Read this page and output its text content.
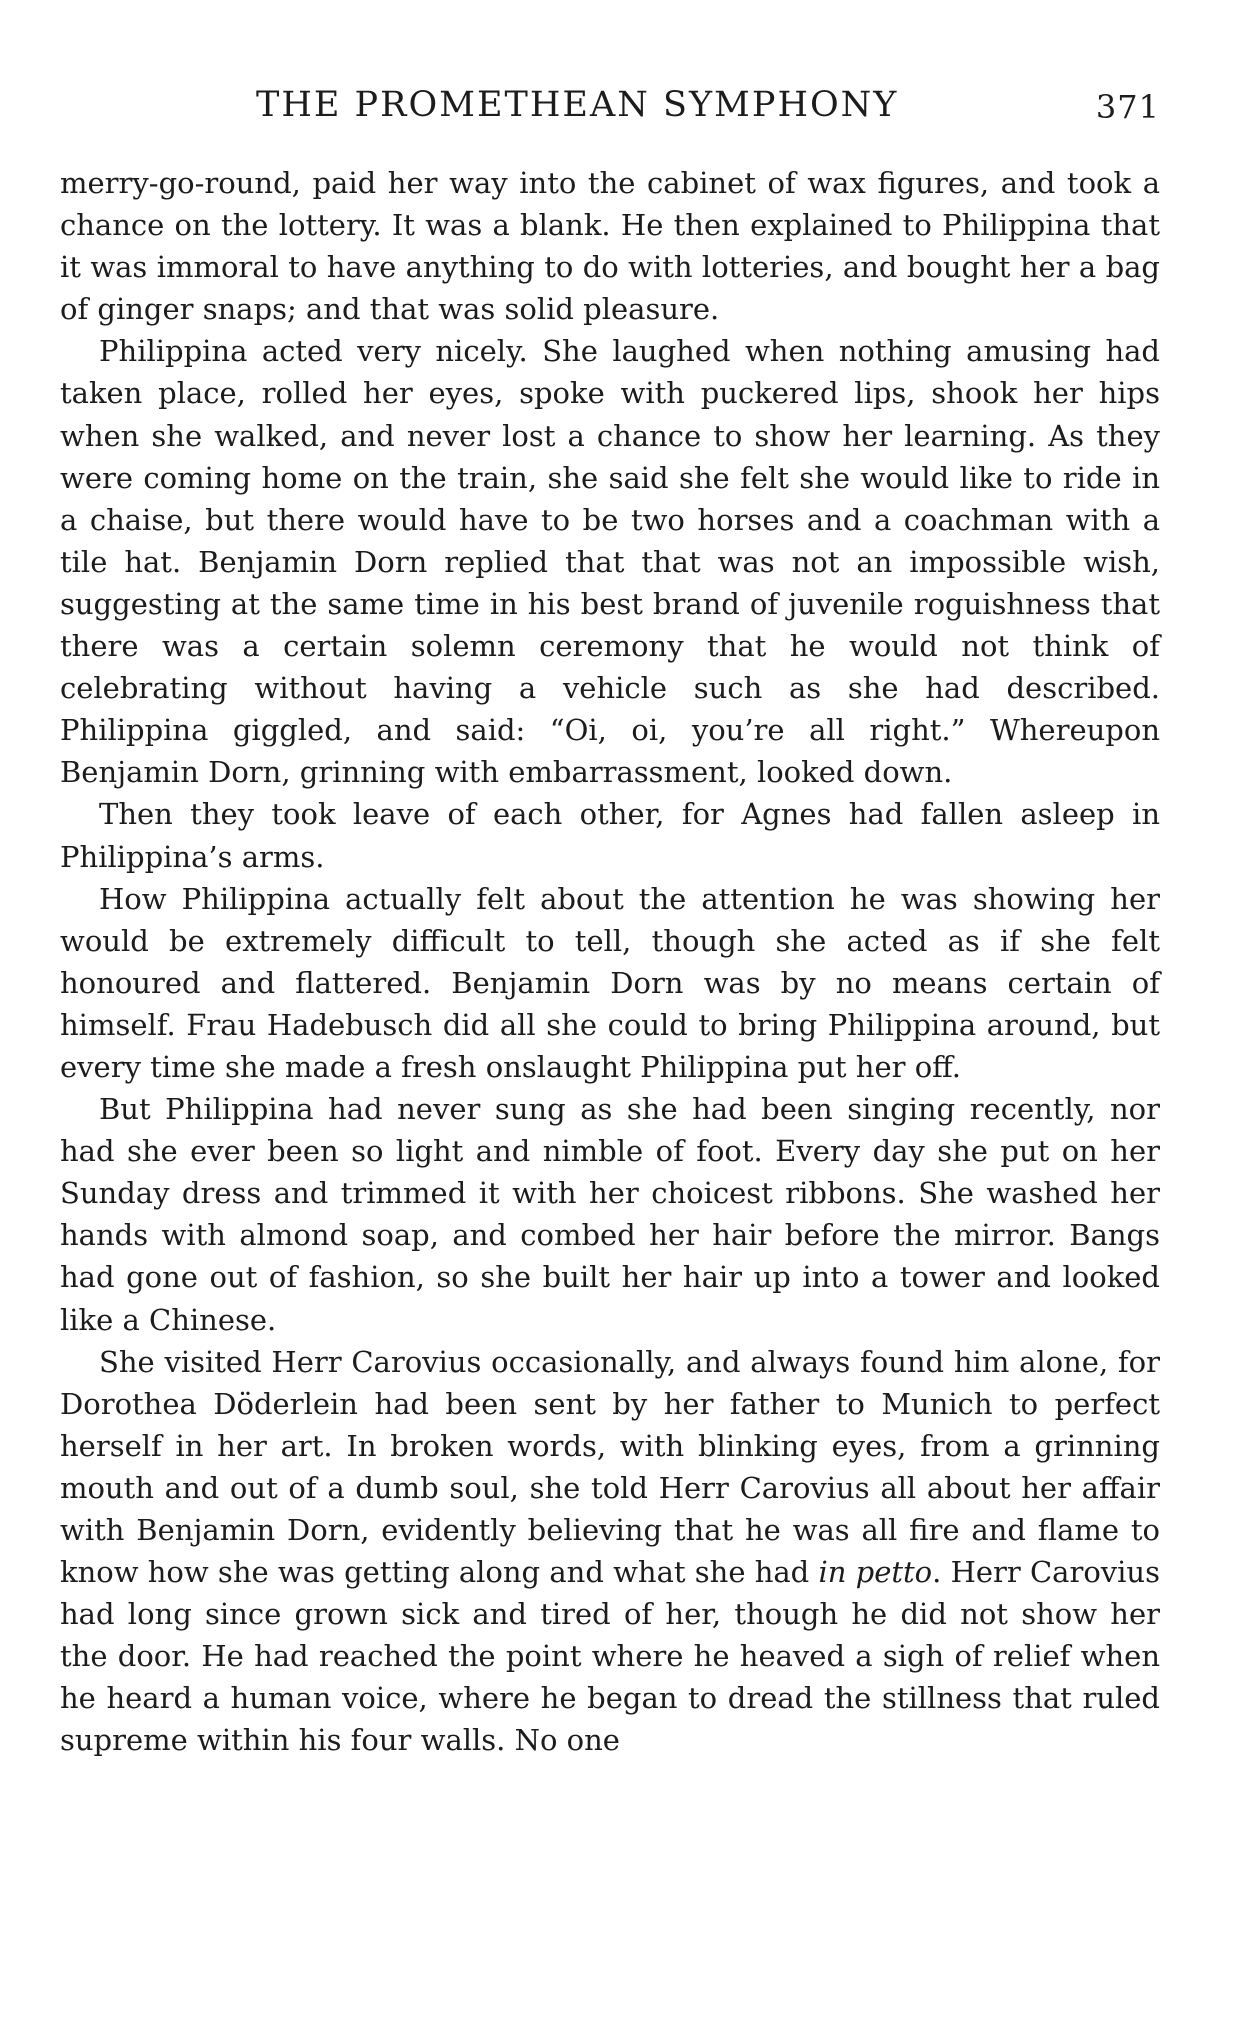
THE PROMETHEAN SYMPHONY	371

merry-go-round, paid her way into the cabinet of wax figures, and took a chance on the lottery. It was a blank. He then explained to Philippina that it was immoral to have anything to do with lotteries, and bought her a bag of ginger snaps; and that was solid pleasure.

Philippina acted very nicely. She laughed when nothing amusing had taken place, rolled her eyes, spoke with puckered lips, shook her hips when she walked, and never lost a chance to show her learning. As they were coming home on the train, she said she felt she would like to ride in a chaise, but there would have to be two horses and a coachman with a tile hat. Benjamin Dorn replied that that was not an impossible wish, suggesting at the same time in his best brand of juvenile roguishness that there was a certain solemn ceremony that he would not think of celebrating without having a vehicle such as she had described. Philippina giggled, and said: “Oi, oi, you’re all right.” Whereupon Benjamin Dorn, grinning with embarrassment, looked down.

Then they took leave of each other, for Agnes had fallen asleep in Philippina’s arms.

How Philippina actually felt about the attention he was showing her would be extremely difficult to tell, though she acted as if she felt honoured and flattered. Benjamin Dorn was by no means certain of himself. Frau Hadebusch did all she could to bring Philippina around, but every time she made a fresh onslaught Philippina put her off.

But Philippina had never sung as she had been singing recently, nor had she ever been so light and nimble of foot. Every day she put on her Sunday dress and trimmed it with her choicest ribbons. She washed her hands with almond soap, and combed her hair before the mirror. Bangs had gone out of fashion, so she built her hair up into a tower and looked like a Chinese.

She visited Herr Carovius occasionally, and always found him alone, for Dorothea Döderlein had been sent by her father to Munich to perfect herself in her art. In broken words, with blinking eyes, from a grinning mouth and out of a dumb soul, she told Herr Carovius all about her affair with Benjamin Dorn, evidently believing that he was all fire and flame to know how she was getting along and what she had in petto. Herr Carovius had long since grown sick and tired of her, though he did not show her the door. He had reached the point where he heaved a sigh of relief when he heard a human voice, where he began to dread the stillness that ruled supreme within his four walls. No one
